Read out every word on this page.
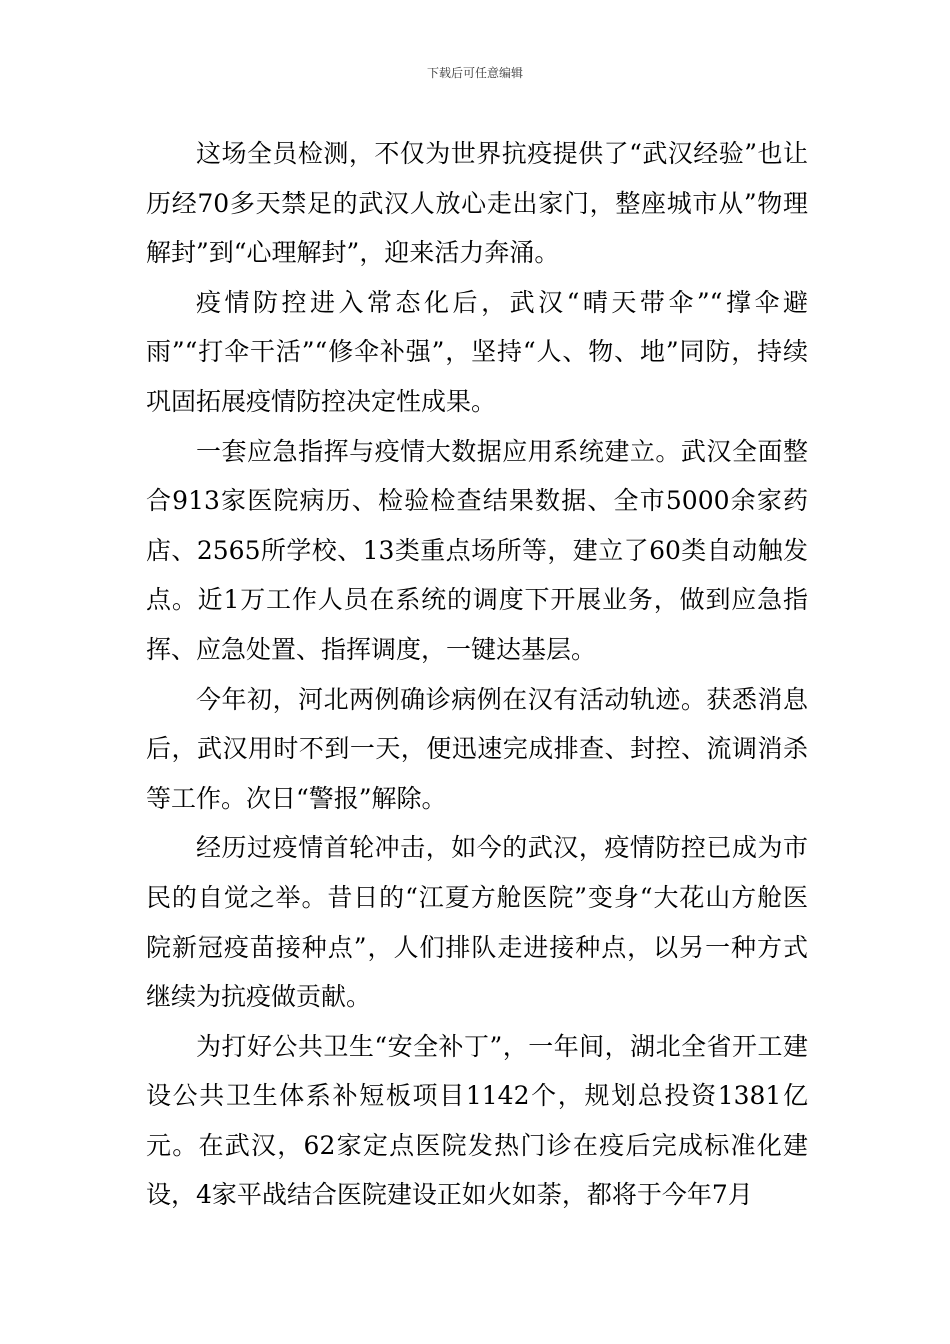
下载后可任意编辑

这场全员检测，不仅为世界抗疫提供了“武汉经验”也让历经70多天禁足的武汉人放心走出家门，整座城市从”物理解封”到“心理解封”，迎来活力奔涌。

疫情防控进入常态化后，武汉“晴天带伞”“撑伞避雨”“打伞干活”“修伞补强”，坚持“人、物、地”同防，持续巩固拓展疫情防控决定性成果。

一套应急指挥与疫情大数据应用系统建立。武汉全面整合913家医院病历、检验检查结果数据、全市5000余家药店、2565所学校、13类重点场所等，建立了60类自动触发点。近1万工作人员在系统的调度下开展业务，做到应急指挥、应急处置、指挥调度，一键达基层。

今年初，河北两例确诊病例在汉有活动轨迹。获悉消息后，武汉用时不到一天，便迅速完成排查、封控、流调消杀等工作。次日“警报”解除。

经历过疫情首轮冲击，如今的武汉，疫情防控已成为市民的自觉之举。昔日的“江夏方舱医院”变身“大花山方舱医院新冠疫苗接种点”，人们排队走进接种点，以另一种方式继续为抗疫做贡献。

为打好公共卫生“安全补丁”，一年间，湖北全省开工建设公共卫生体系补短板项目1142个，规划总投资1381亿元。在武汉，62家定点医院发热门诊在疫后完成标准化建设，4家平战结合医院建设正如火如荼，都将于今年7月
